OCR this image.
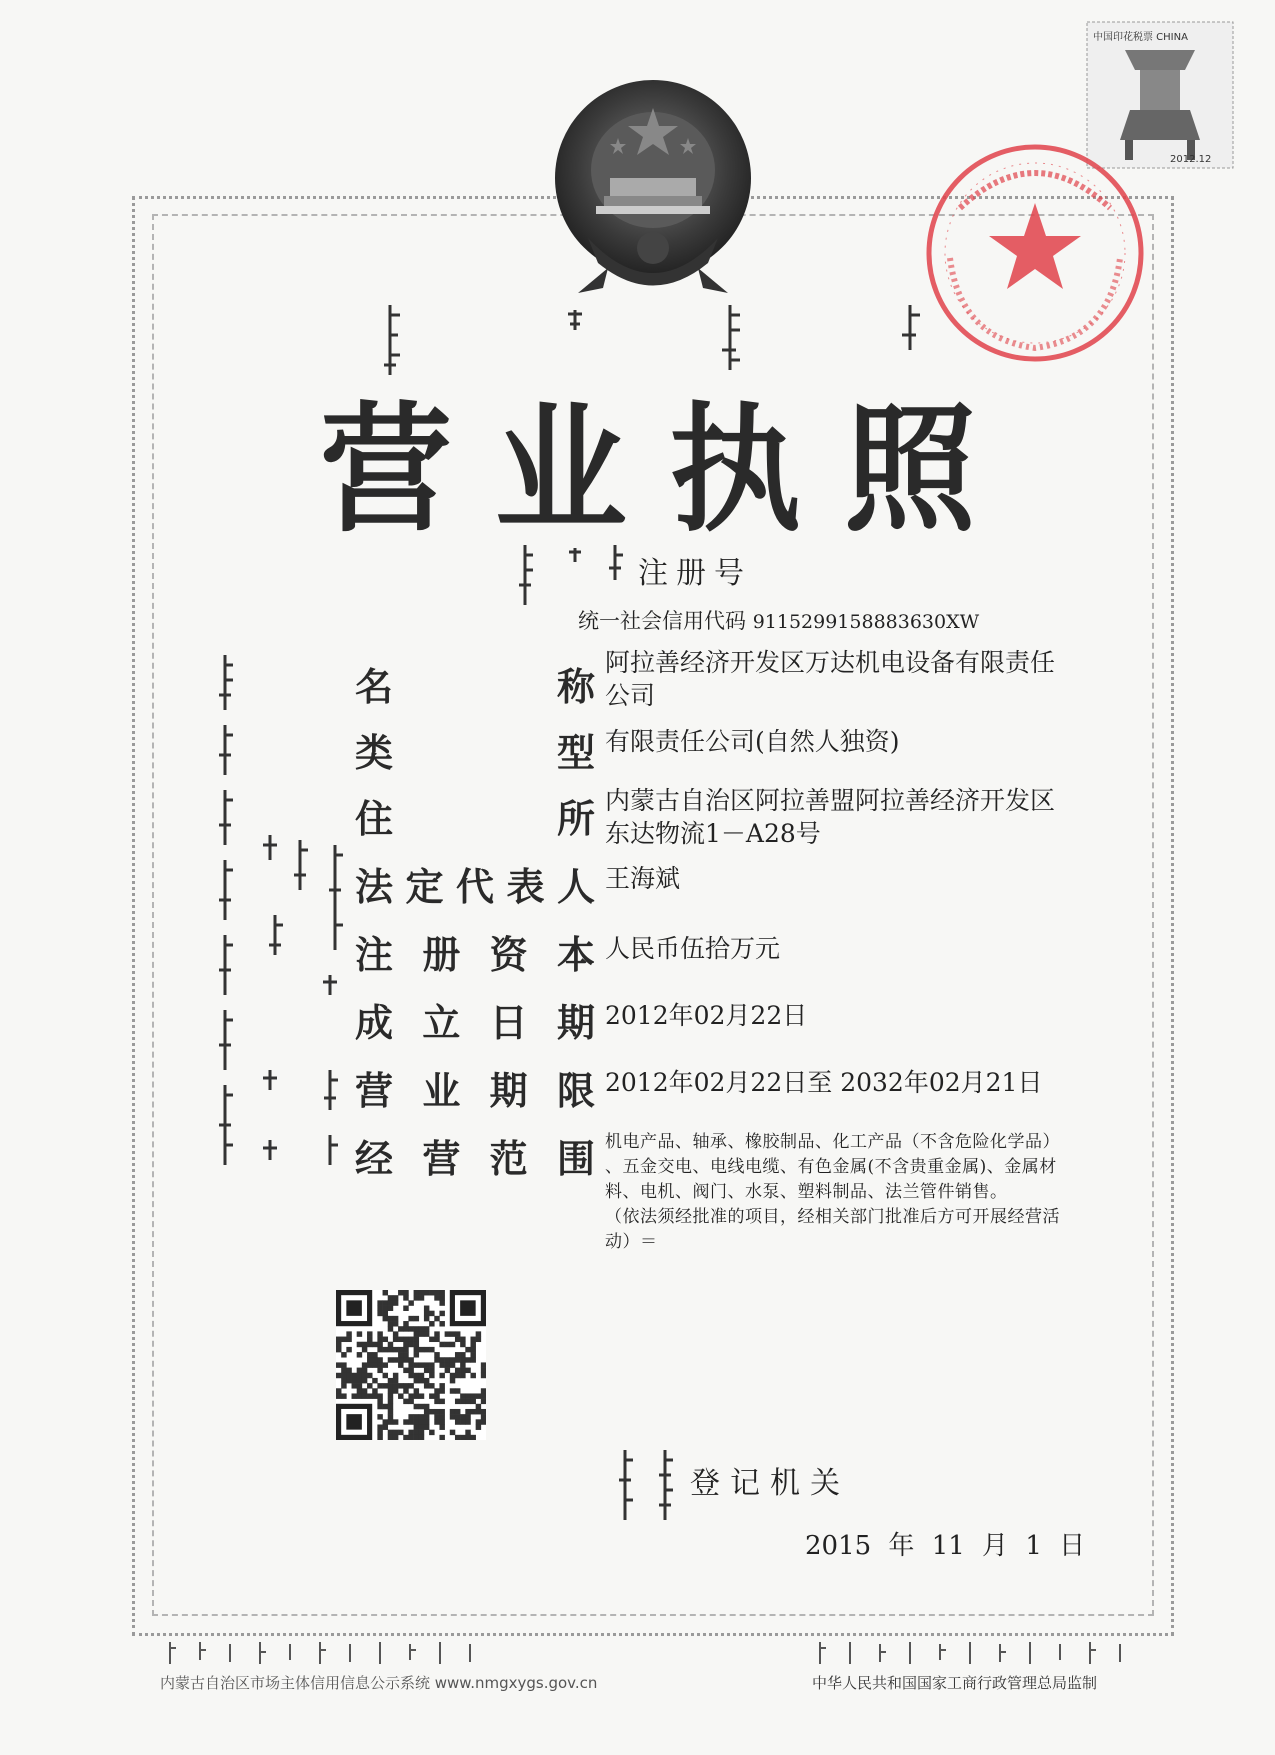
中国印花税票 CHINA
2012.12
营 业 执 照
注册号
统一社会信用代码 9115299158883630XW
名	称
阿拉善经济开发区万达机电设备有限责任
公司
类	型 有限责任公司(自然人独资)
住	所 内蒙古自治区阿拉善盟阿拉善经济开发区
东达物流1－A28号
法 定 代 表 人 王海斌
注 册 资 本 人民币伍拾万元
成 立 日 期 2012年02月22日
营 业 期 限 2012年02月22日至 2032年02月21日
经 营 范 围 机电产品、轴承、橡胶制品、化工产品（不含危险化学品）
、五金交电、电线电缆、有色金属(不含贵重金属)、金属材
料、电机、阀门、水泵、塑料制品、法兰管件销售。
（依法须经批准的项目，经相关部门批准后方可开展经营活
动）＝
登记机关
2015 年 11 月 1 日
内蒙古自治区市场主体信用信息公示系统 www.nmgxygs.gov.cn	中华人民共和国国家工商行政管理总局监制
